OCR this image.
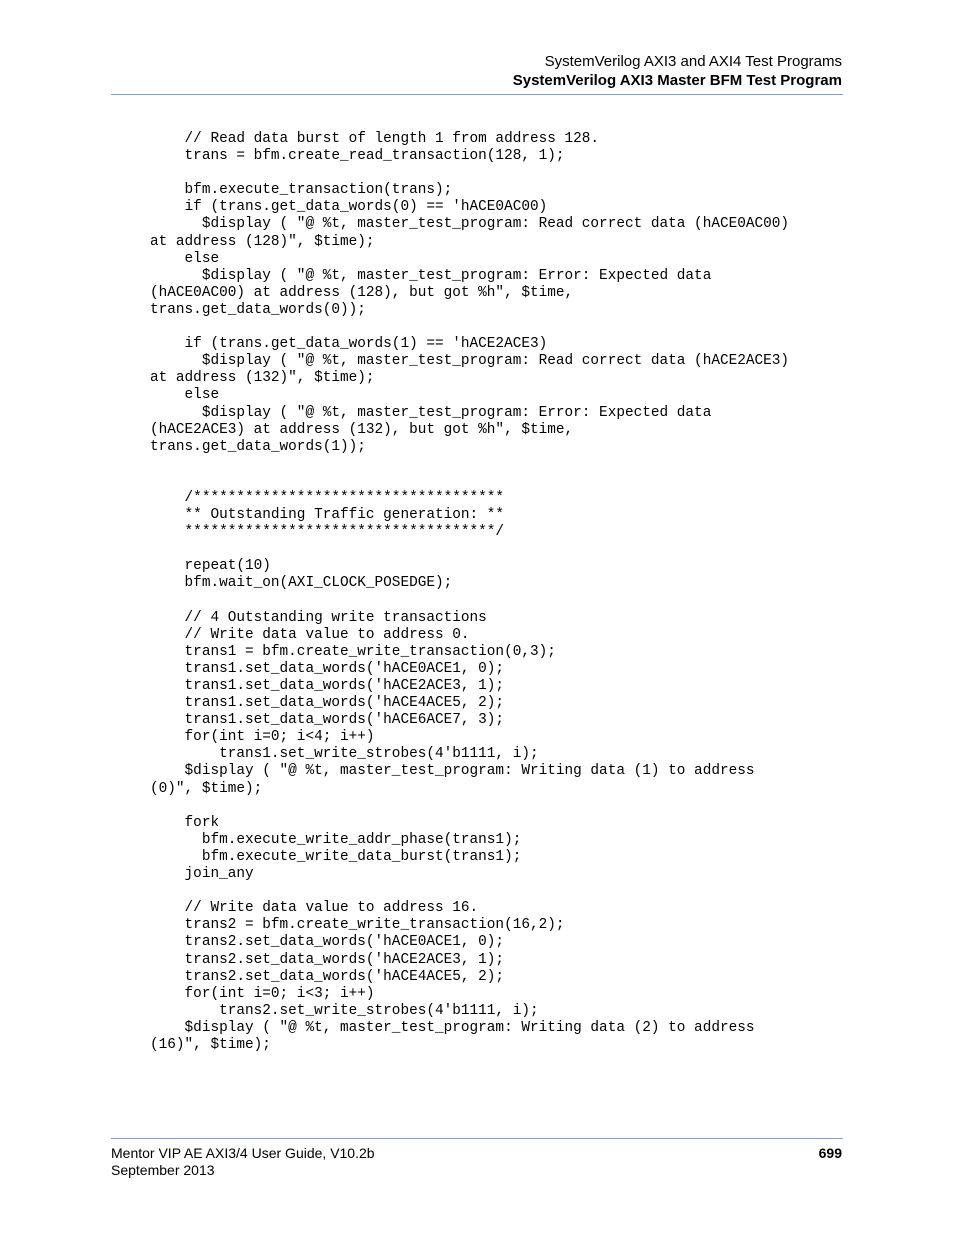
SystemVerilog AXI3 and AXI4 Test Programs
SystemVerilog AXI3 Master BFM Test Program
// Read data burst of length 1 from address 128.
trans = bfm.create_read_transaction(128, 1);

bfm.execute_transaction(trans);
if (trans.get_data_words(0) == 'hACE0AC00)
$display ( "@ %t, master_test_program: Read correct data (hACE0AC00)
at address (128)", $time);
else
$display ( "@ %t, master_test_program: Error: Expected data
(hACE0AC00) at address (128), but got %h", $time,
trans.get_data_words(0));

if (trans.get_data_words(1) == 'hACE2ACE3)
$display ( "@ %t, master_test_program: Read correct data (hACE2ACE3)
at address (132)", $time);
else
$display ( "@ %t, master_test_program: Error: Expected data
(hACE2ACE3) at address (132), but got %h", $time,
trans.get_data_words(1));

/************************************
** Outstanding Traffic generation: **
************************************/

repeat(10)
bfm.wait_on(AXI_CLOCK_POSEDGE);

// 4 Outstanding write transactions
// Write data value to address 0.
trans1 = bfm.create_write_transaction(0,3);
trans1.set_data_words('hACE0ACE1, 0);
trans1.set_data_words('hACE2ACE3, 1);
trans1.set_data_words('hACE4ACE5, 2);
trans1.set_data_words('hACE6ACE7, 3);
for(int i=0; i<4; i++)
trans1.set_write_strobes(4'b1111, i);
$display ( "@ %t, master_test_program: Writing data (1) to address
(0)", $time);

fork
bfm.execute_write_addr_phase(trans1);
bfm.execute_write_data_burst(trans1);
join_any

// Write data value to address 16.
trans2 = bfm.create_write_transaction(16,2);
trans2.set_data_words('hACE0ACE1, 0);
trans2.set_data_words('hACE2ACE3, 1);
trans2.set_data_words('hACE4ACE5, 2);
for(int i=0; i<3; i++)
trans2.set_write_strobes(4'b1111, i);
$display ( "@ %t, master_test_program: Writing data (2) to address
(16)", $time);
Mentor VIP AE AXI3/4 User Guide, V10.2b
September 2013
699
